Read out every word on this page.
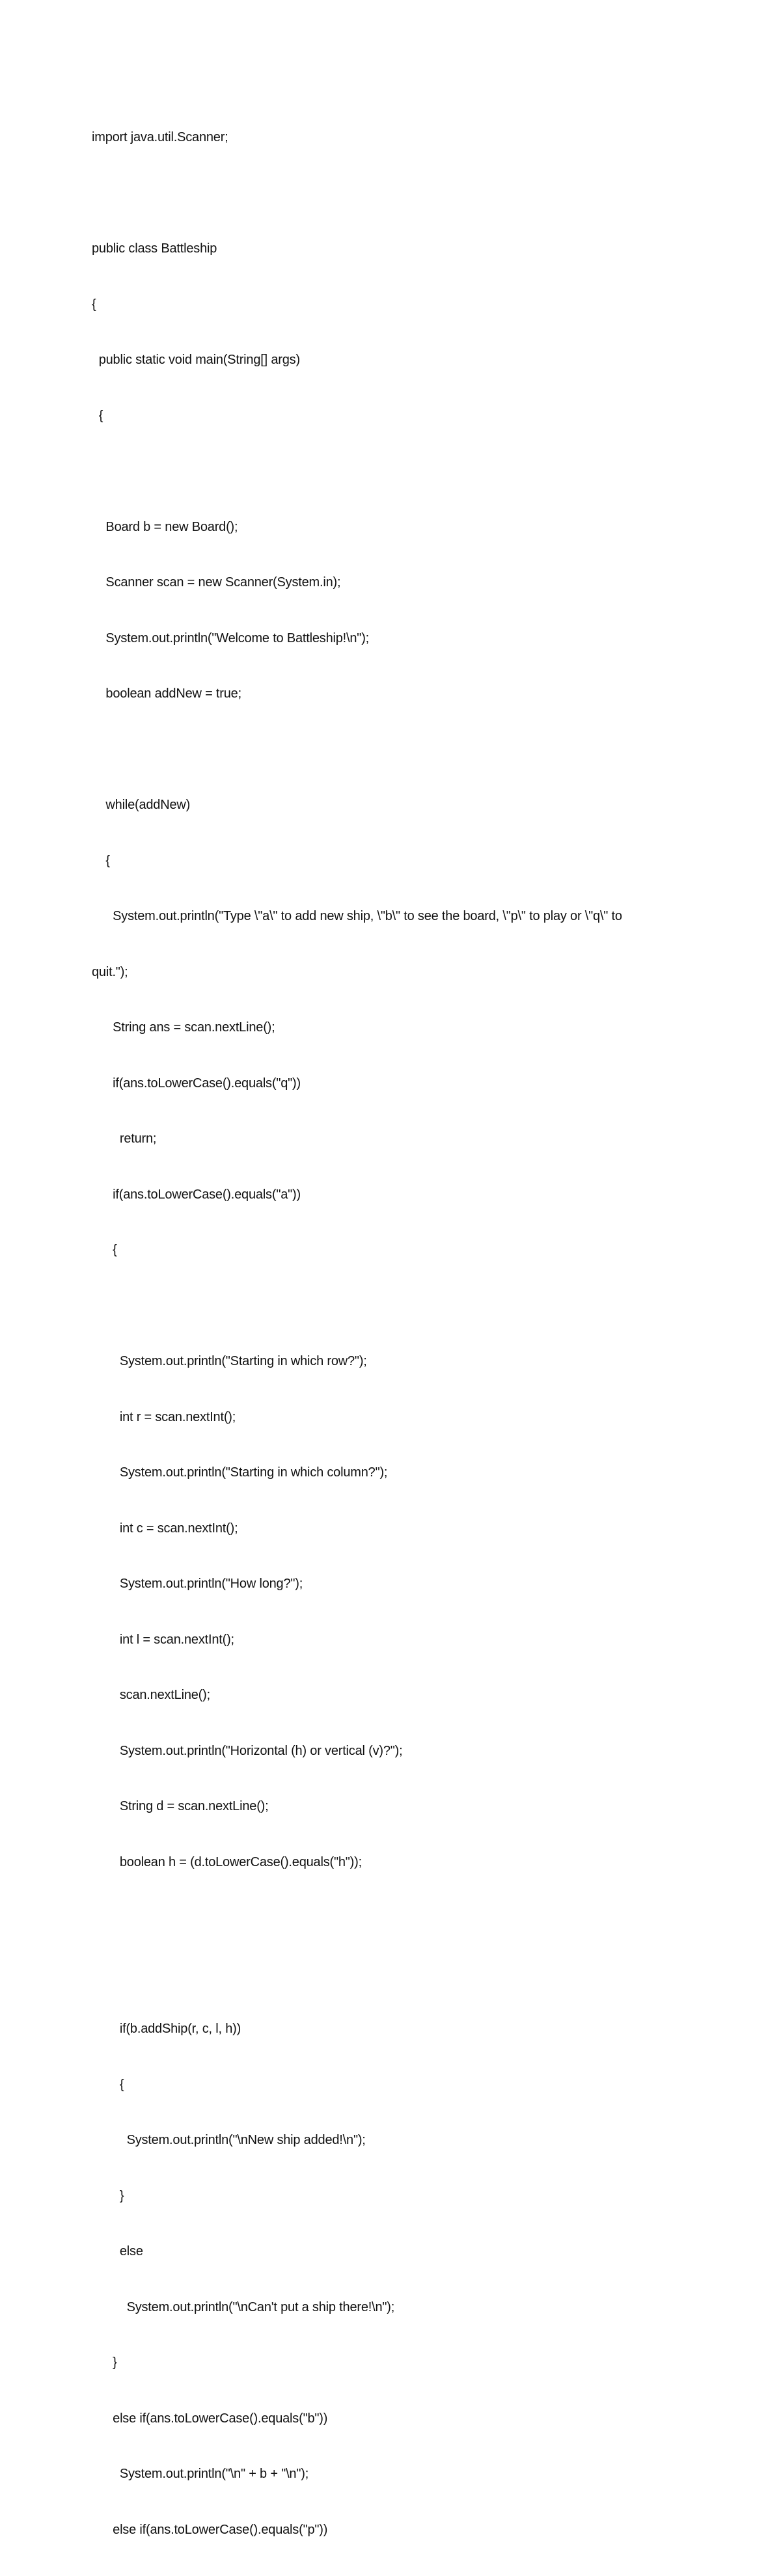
import java.util.Scanner;

public class Battleship

{

public static void main(String[] args)

{

Board b = new Board();

Scanner scan = new Scanner(System.in);

System.out.println("Welcome to Battleship!\n");

boolean addNew = true;

while(addNew)

{

System.out.println("Type \"a\" to add new ship, \"b\" to see the board, \"p\" to play or \"q\" to

quit.");

String ans = scan.nextLine();

if(ans.toLowerCase().equals("q"))

return;

if(ans.toLowerCase().equals("a"))

{

System.out.println("Starting in which row?");

int r = scan.nextInt();

System.out.println("Starting in which column?");

int c = scan.nextInt();

System.out.println("How long?");

int l = scan.nextInt();

scan.nextLine();

System.out.println("Horizontal (h) or vertical (v)?");

String d = scan.nextLine();

boolean h = (d.toLowerCase().equals("h"));

if(b.addShip(r, c, l, h))

{

System.out.println("\nNew ship added!\n");

}

else

System.out.println("\nCan't put a ship there!\n");

}

else if(ans.toLowerCase().equals("b"))

System.out.println("\n" + b + "\n");

else if(ans.toLowerCase().equals("p"))
